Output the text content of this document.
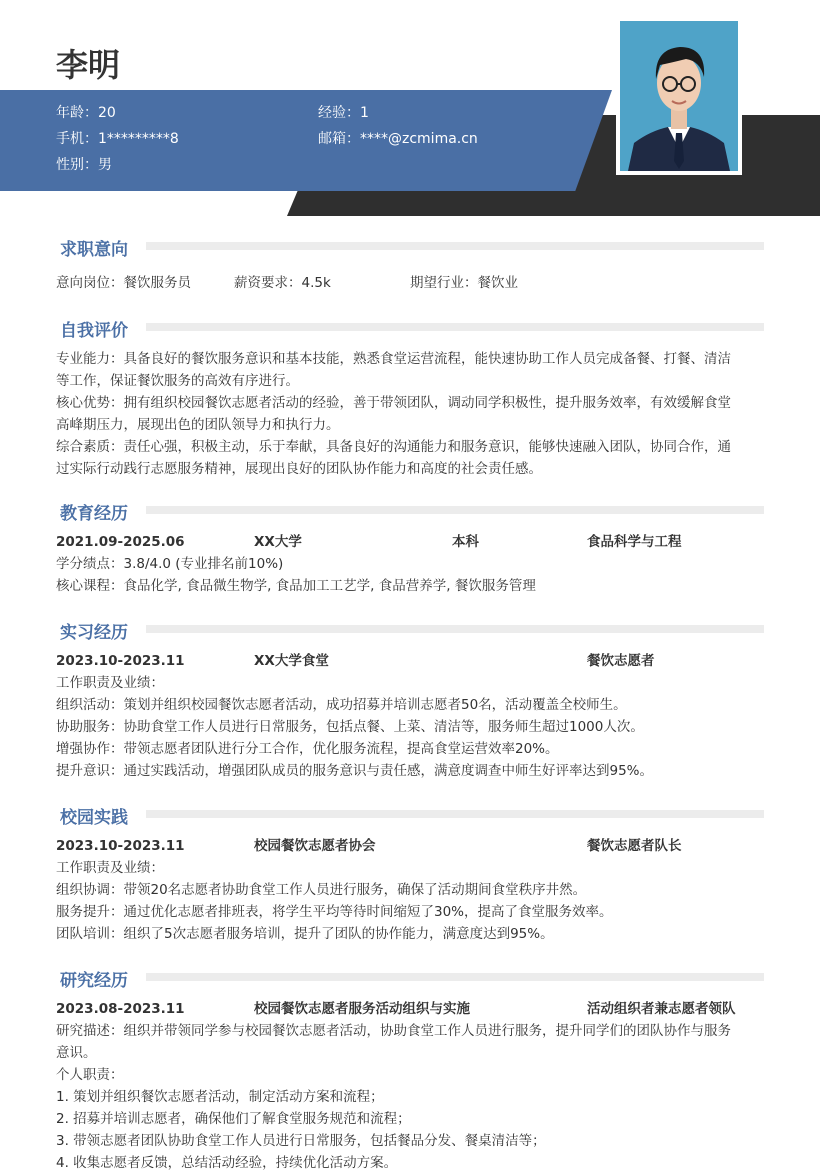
李明
年龄：20	经验：1
手机：1*********8	邮箱：****@zcmima.cn
性别：男
求职意向
意向岗位：餐饮服务员	薪资要求：4.5k	期望行业：餐饮业
自我评价
专业能力：具备良好的餐饮服务意识和基本技能，熟悉食堂运营流程，能快速协助工作人员完成备餐、打餐、清洁
等工作，保证餐饮服务的高效有序进行。
核心优势：拥有组织校园餐饮志愿者活动的经验，善于带领团队，调动同学积极性，提升服务效率，有效缓解食堂
高峰期压力，展现出色的团队领导力和执行力。
综合素质：责任心强，积极主动，乐于奉献，具备良好的沟通能力和服务意识，能够快速融入团队，协同合作，通
过实际行动践行志愿服务精神，展现出良好的团队协作能力和高度的社会责任感。
教育经历
2021.09-2025.06	XX大学	本科	食品科学与工程
学分绩点：3.8/4.0 (专业排名前10%)
核心课程：食品化学, 食品微生物学, 食品加工工艺学, 食品营养学, 餐饮服务管理
实习经历
2023.10-2023.11	XX大学食堂	餐饮志愿者
工作职责及业绩：
组织活动：策划并组织校园餐饮志愿者活动，成功招募并培训志愿者50名，活动覆盖全校师生。
协助服务：协助食堂工作人员进行日常服务，包括点餐、上菜、清洁等，服务师生超过1000人次。
增强协作：带领志愿者团队进行分工合作，优化服务流程，提高食堂运营效率20%。
提升意识：通过实践活动，增强团队成员的服务意识与责任感，满意度调查中师生好评率达到95%。
校园实践
2023.10-2023.11	校园餐饮志愿者协会	餐饮志愿者队长
工作职责及业绩：
组织协调：带领20名志愿者协助食堂工作人员进行服务，确保了活动期间食堂秩序井然。
服务提升：通过优化志愿者排班表，将学生平均等待时间缩短了30%，提高了食堂服务效率。
团队培训：组织了5次志愿者服务培训，提升了团队的协作能力，满意度达到95%。
研究经历
2023.08-2023.11	校园餐饮志愿者服务活动组织与实施	活动组织者兼志愿者领队
研究描述：组织并带领同学参与校园餐饮志愿者活动，协助食堂工作人员进行服务，提升同学们的团队协作与服务
意识。
个人职责：
1. 策划并组织餐饮志愿者活动，制定活动方案和流程；
2. 招募并培训志愿者，确保他们了解食堂服务规范和流程；
3. 带领志愿者团队协助食堂工作人员进行日常服务，包括餐品分发、餐桌清洁等；
4. 收集志愿者反馈，总结活动经验，持续优化活动方案。
